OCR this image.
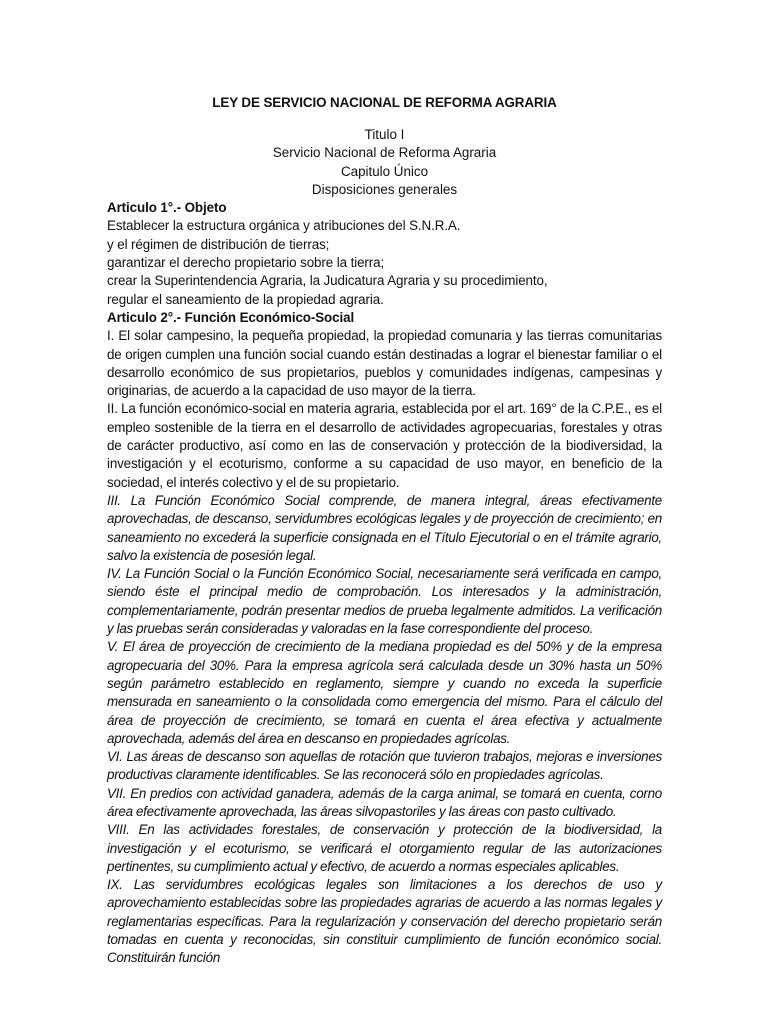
LEY DE SERVICIO NACIONAL DE REFORMA AGRARIA
Titulo I
Servicio Nacional de Reforma Agraria
Capitulo Único
Disposiciones generales
Articulo 1°.- Objeto
Establecer la estructura orgánica y atribuciones del S.N.R.A.
y el régimen de distribución de tierras;
garantizar el derecho propietario sobre la tierra;
crear la Superintendencia Agraria, la Judicatura Agraria y su procedimiento,
regular el saneamiento de la propiedad agraria.
Articulo 2°.- Función Económico-Social

I. El solar campesino, la pequeña propiedad, la propiedad comunaria y las tierras comunitarias de origen cumplen una función social cuando están destinadas a lograr el bienestar familiar o el desarrollo económico de sus propietarios, pueblos y comunidades indígenas, campesinas y originarias, de acuerdo a la capacidad de uso mayor de la tierra.

II. La función económico-social en materia agraria, establecida por el art. 169° de la C.P.E., es el empleo sostenible de la tierra en el desarrollo de actividades agropecuarias, forestales y otras de carácter productivo, así como en las de conservación y protección de la biodiversidad, la investigación y el ecoturismo, conforme a su capacidad de uso mayor, en beneficio de la sociedad, el interés colectivo y el de su propietario.

III. La Función Económico Social comprende, de manera integral, áreas efectivamente aprovechadas, de descanso, servidumbres ecológicas legales y de proyección de crecimiento; en saneamiento no excederá la superficie consignada en el Título Ejecutorial o en el trámite agrario, salvo la existencia de posesión legal.

IV. La Función Social o la Función Económico Social, necesariamente será verificada en campo, siendo éste el principal medio de comprobación. Los interesados y la administración, complementariamente, podrán presentar medios de prueba legalmente admitidos. La verificación y las pruebas serán consideradas y valoradas en la fase correspondiente del proceso.

V. El área de proyección de crecimiento de la mediana propiedad es del 50% y de la empresa agropecuaria del 30%. Para la empresa agrícola será calculada desde un 30% hasta un 50% según parámetro establecido en reglamento, siempre y cuando no exceda la superficie mensurada en saneamiento o la consolidada como emergencia del mismo. Para el cálculo del área de proyección de crecimiento, se tomará en cuenta el área efectiva y actualmente aprovechada, además del área en descanso en propiedades agrícolas.

VI. Las áreas de descanso son aquellas de rotación que tuvieron trabajos, mejoras e inversiones productivas claramente identificables. Se las reconocerá sólo en propiedades agrícolas.

VII. En predios con actividad ganadera, además de la carga animal, se tomará en cuenta, corno área efectivamente aprovechada, las áreas silvopastoriles y las áreas con pasto cultivado.

VIII. En las actividades forestales, de conservación y protección de la biodiversidad, la investigación y el ecoturismo, se verificará el otorgamiento regular de las autorizaciones pertinentes, su cumplimiento actual y efectivo, de acuerdo a normas especiales aplicables.

IX. Las servidumbres ecológicas legales son limitaciones a los derechos de uso y aprovechamiento establecidas sobre las propiedades agrarias de acuerdo a las normas legales y reglamentarias específicas. Para la regularización y conservación del derecho propietario serán tomadas en cuenta y reconocidas, sin constituir cumplimiento de función económico social. Constituirán función
